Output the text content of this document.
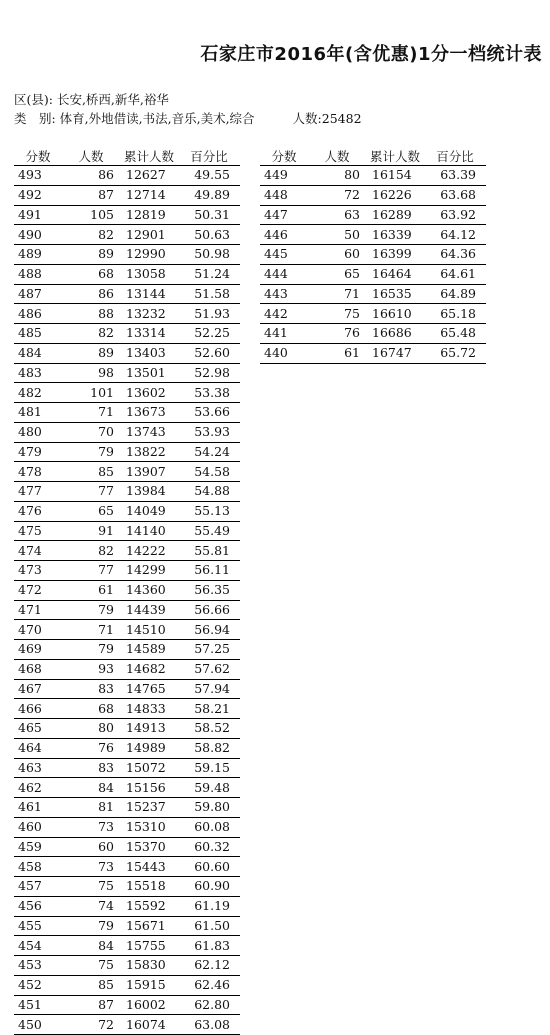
石家庄市2016年(含优惠)1分一档统计表
区(县): 长安,桥西,新华,裕华
类　别: 体育,外地借读,书法,音乐,美术,综合	人数:25482
分数	人数	累计人数	百分比
493	86	12627	49.55
492	87	12714	49.89
491	105	12819	50.31
490	82	12901	50.63
489	89	12990	50.98
488	68	13058	51.24
487	86	13144	51.58
486	88	13232	51.93
485	82	13314	52.25
484	89	13403	52.60
483	98	13501	52.98
482	101	13602	53.38
481	71	13673	53.66
480	70	13743	53.93
479	79	13822	54.24
478	85	13907	54.58
477	77	13984	54.88
476	65	14049	55.13
475	91	14140	55.49
474	82	14222	55.81
473	77	14299	56.11
472	61	14360	56.35
471	79	14439	56.66
470	71	14510	56.94
469	79	14589	57.25
468	93	14682	57.62
467	83	14765	57.94
466	68	14833	58.21
465	80	14913	58.52
464	76	14989	58.82
463	83	15072	59.15
462	84	15156	59.48
461	81	15237	59.80
460	73	15310	60.08
459	60	15370	60.32
458	73	15443	60.60
457	75	15518	60.90
456	74	15592	61.19
455	79	15671	61.50
454	84	15755	61.83
453	75	15830	62.12
452	85	15915	62.46
451	87	16002	62.80
450	72	16074	63.08
分数	人数	累计人数	百分比
449	80	16154	63.39
448	72	16226	63.68
447	63	16289	63.92
446	50	16339	64.12
445	60	16399	64.36
444	65	16464	64.61
443	71	16535	64.89
442	75	16610	65.18
441	76	16686	65.48
440	61	16747	65.72
